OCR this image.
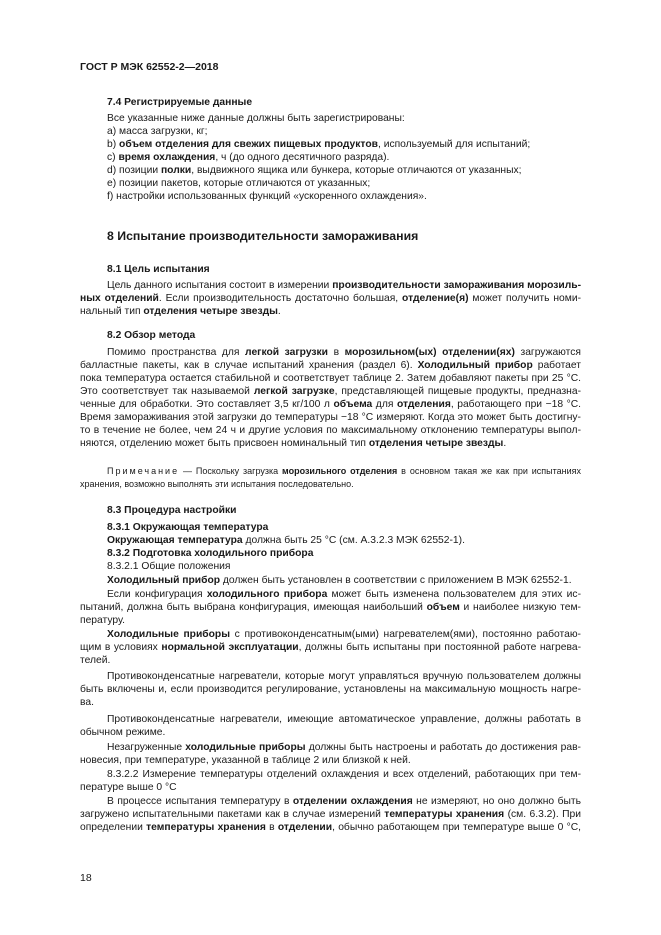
ГОСТ Р МЭК 62552-2—2018
7.4 Регистрируемые данные
Все указанные ниже данные должны быть зарегистрированы:
а) масса загрузки, кг;
b) объем отделения для свежих пищевых продуктов, используемый для испытаний;
с) время охлаждения, ч (до одного десятичного разряда).
d) позиции полки, выдвижного ящика или бункера, которые отличаются от указанных;
е) позиции пакетов, которые отличаются от указанных;
f) настройки использованных функций «ускоренного охлаждения».
8 Испытание производительности замораживания
8.1 Цель испытания
Цель данного испытания состоит в измерении производительности замораживания морозиль-
ных отделений. Если производительность достаточно большая, отделение(я) может получить номи-
нальный тип отделения четыре звезды.
8.2 Обзор метода
Помимо пространства для легкой загрузки в морозильном(ых) отделении(ях) загружаются
балластные пакеты, как в случае испытаний хранения (раздел 6). Холодильный прибор работает
пока температура остается стабильной и соответствует таблице 2. Затем добавляют пакеты при 25 °С.
Это соответствует так называемой легкой загрузке, представляющей пищевые продукты, предназна-
ченные для обработки. Это составляет 3,5 кг/100 л объема для отделения, работающего при −18 °С.
Время замораживания этой загрузки до температуры −18 °С измеряют. Когда это может быть достигну-
то в течение не более, чем 24 ч и другие условия по максимальному отклонению температуры выпол-
няются, отделению может быть присвоен номинальный тип отделения четыре звезды.
Примечание — Поскольку загрузка морозильного отделения в основном такая же как при испытаниях
хранения, возможно выполнять эти испытания последовательно.
8.3 Процедура настройки
8.3.1 Окружающая температура
Окружающая температура должна быть 25 °С (см. А.3.2.3 МЭК 62552-1).
8.3.2 Подготовка холодильного прибора
8.3.2.1 Общие положения
Холодильный прибор должен быть установлен в соответствии с приложением В МЭК 62552-1.
Если конфигурация холодильного прибора может быть изменена пользователем для этих ис-
пытаний, должна быть выбрана конфигурация, имеющая наибольший объем и наиболее низкую тем-
пературу.
Холодильные приборы с противоконденсатным(ыми) нагревателем(ями), постоянно работаю-
щим в условиях нормальной эксплуатации, должны быть испытаны при постоянной работе нагрева-
телей.
Противоконденсатные нагреватели, которые могут управляться вручную пользователем должны
быть включены и, если производится регулирование, установлены на максимальную мощность нагре-
ва.
Противоконденсатные нагреватели, имеющие автоматическое управление, должны работать в
обычном режиме.
Незагруженные холодильные приборы должны быть настроены и работать до достижения рав-
новесия, при температуре, указанной в таблице 2 или близкой к ней.
8.3.2.2 Измерение температуры отделений охлаждения и всех отделений, работающих при тем-
пературе выше 0 °С
В процессе испытания температуру в отделении охлаждения не измеряют, но оно должно быть
загружено испытательными пакетами как в случае измерений температуры хранения (см. 6.3.2). При
определении температуры хранения в отделении, обычно работающем при температуре выше 0 °С,
18
